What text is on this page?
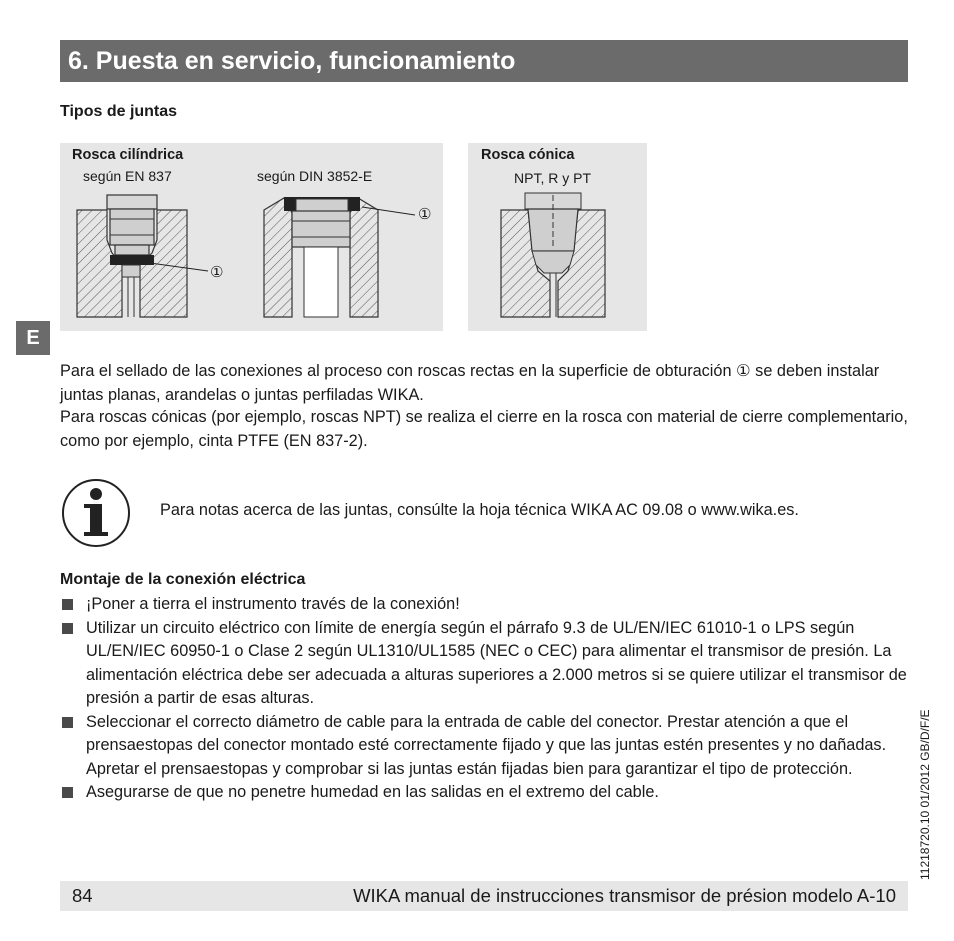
6. Puesta en servicio, funcionamiento
Tipos de juntas
E
Rosca cilíndrica
según EN 837	según DIN 3852-E
①
①
Rosca cónica
NPT, R y PT
Para el sellado de las conexiones al proceso con roscas rectas en la superficie de obturación ① se deben instalar juntas planas, arandelas o juntas perfiladas WIKA.
Para roscas cónicas (por ejemplo, roscas NPT) se realiza el cierre en la rosca con material de cierre complementario, como por ejemplo, cinta PTFE (EN 837-2).
Para notas acerca de las juntas, consúlte la hoja técnica WIKA AC 09.08 o www.wika.es.
Montaje de la conexión eléctrica
¡Poner a tierra el instrumento través de la conexión!
Utilizar un circuito eléctrico con límite de energía según el párrafo 9.3 de UL/EN/IEC 61010-1 o LPS según UL/EN/IEC 60950-1 o Clase 2 según UL1310/UL1585 (NEC o CEC) para alimentar el transmisor de presión. La alimentación eléctrica debe ser adecuada a alturas superiores a 2.000 metros si se quiere utilizar el transmisor de presión a partir de esas alturas.
Seleccionar el correcto diámetro de cable para la entrada de cable del conector. Prestar atención a que el prensaestopas del conector montado esté correctamente fijado y que las juntas estén presentes y no dañadas. Apretar el prensaestopas y comprobar si las juntas están fijadas bien para garantizar el tipo de protección.
Asegurarse de que no penetre humedad en las salidas en el extremo del cable.	11218720.10 01/2012 GB/D/F/E
84	WIKA manual de instrucciones transmisor de présion modelo A-10
